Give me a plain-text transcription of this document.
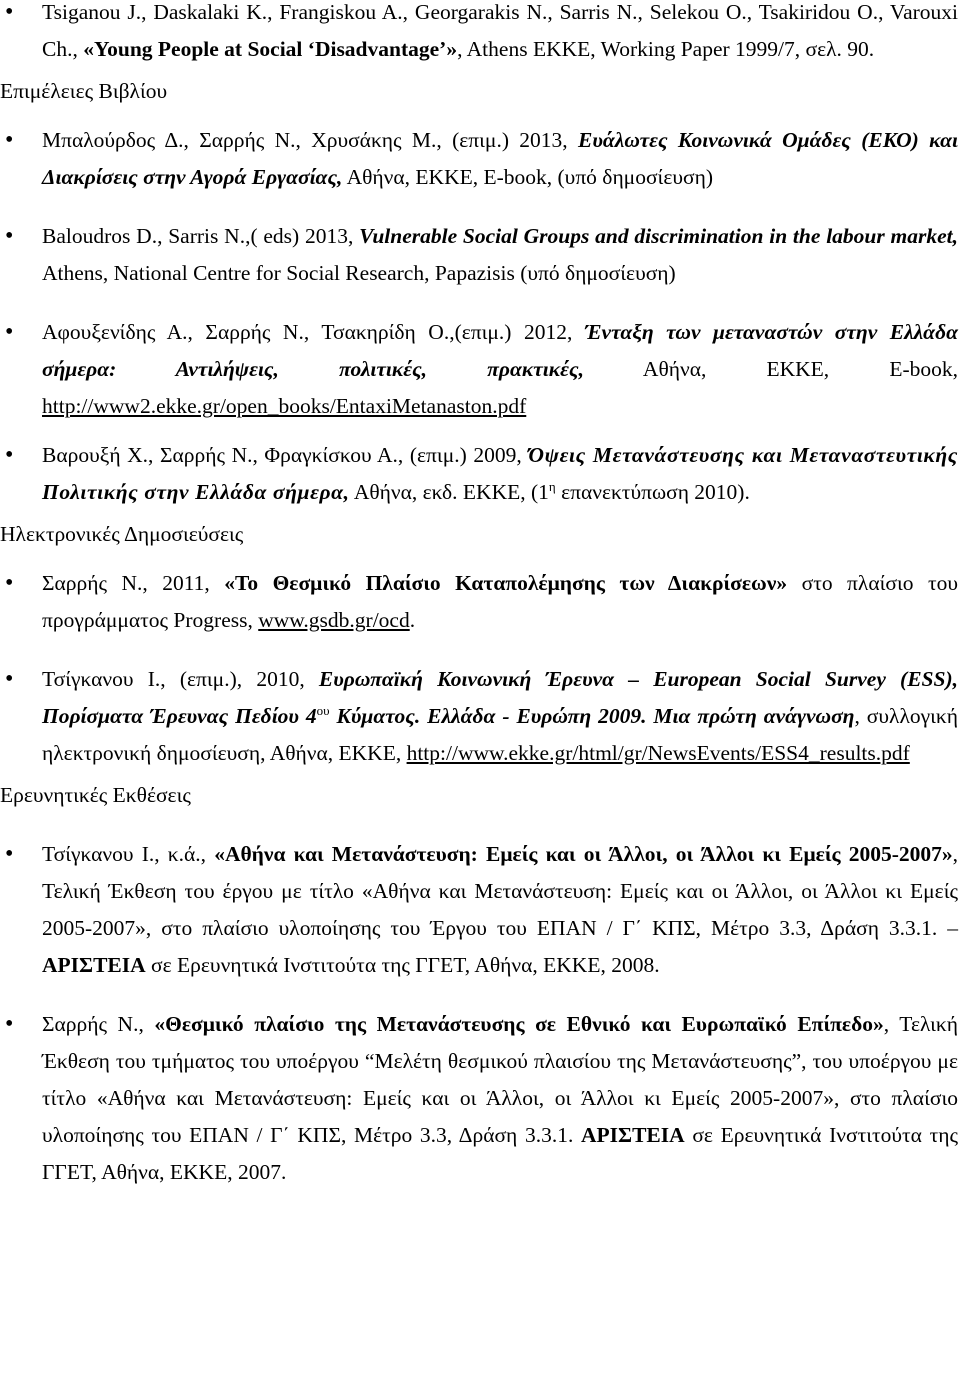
• Tsiganou J., Daskalaki K., Frangiskou A., Georgarakis N., Sarris N., Selekou O., Tsakiridou O., Varouxi Ch., «Young People at Social ‘Disadvantage’», Athens EKKE, Working Paper 1999/7, σελ. 90.

Επιμέλειες Βιβλίου

• Μπαλούρδος Δ., Σαρρής Ν., Χρυσάκης Μ., (επιμ.) 2013, Ευάλωτες Κοινωνικά Ομάδες (ΕΚΟ) και Διακρίσεις στην Αγορά Εργασίας, Αθήνα, ΕΚΚΕ, E-book, (υπό δημοσίευση)

• Baloudros D., Sarris N.,( eds) 2013, Vulnerable Social Groups and discrimination in the labour market, Athens, National Centre for Social Research, Papazisis (υπό δημοσίευση)

• Αφουξενίδης Α., Σαρρής Ν., Τσακηρίδη Ο.,(επιμ.) 2012, Ένταξη των μεταναστών στην Ελλάδα σήμερα: Αντιλήψεις, πολιτικές, πρακτικές, Αθήνα, ΕΚΚΕ, E-book, http://www2.ekke.gr/open_books/EntaxiMetanaston.pdf

• Βαρουξή Χ., Σαρρής Ν., Φραγκίσκου Α., (επιμ.) 2009, Όψεις Μετανάστευσης και Μεταναστευτικής Πολιτικής στην Ελλάδα σήμερα, Αθήνα, εκδ. ΕΚΚΕ, ($1^\eta$ επανεκτύπωση 2010).

Ηλεκτρονικές Δημοσιεύσεις

• Σαρρής Ν., 2011, «Το Θεσμικό Πλαίσιο Καταπολέμησης των Διακρίσεων» στο πλαίσιο του προγράμματος Progress, www.gsdb.gr/ocd.

• Τσίγκανου Ι., (επιμ.), 2010, Ευρωπαϊκή Κοινωνική Έρευνα – European Social Survey (ESS), Πορίσματα Έρευνας Πεδίου $4^{o\upsilon}$ Κύματος. Ελλάδα - Ευρώπη 2009. Μια πρώτη ανάγνωση, συλλογική ηλεκτρονική δημοσίευση, Αθήνα, ΕΚΚΕ, http://www.ekke.gr/html/gr/NewsEvents/ESS4_results.pdf

Ερευνητικές Εκθέσεις

• Τσίγκανου Ι., κ.ά., «Αθήνα και Μετανάστευση: Εμείς και οι Άλλοι, οι Άλλοι κι Εμείς 2005-2007», Τελική Έκθεση του έργου με τίτλο «Αθήνα και Μετανάστευση: Εμείς και οι Άλλοι, οι Άλλοι κι Εμείς 2005-2007», στο πλαίσιο υλοποίησης του Έργου του ΕΠΑΝ / Γ΄ ΚΠΣ, Μέτρο 3.3, Δράση 3.3.1. – ΑΡΙΣΤΕΙΑ σε Ερευνητικά Ινστιτούτα της ΓΓΕΤ, Αθήνα, ΕΚΚΕ, 2008.

• Σαρρής Ν., «Θεσμικό πλαίσιο της Μετανάστευσης σε Εθνικό και Ευρωπαϊκό Επίπεδο», Τελική Έκθεση του τμήματος του υποέργου “Μελέτη θεσμικού πλαισίου της Μετανάστευσης”, του υποέργου με τίτλο «Αθήνα και Μετανάστευση: Εμείς και οι Άλλοι, οι Άλλοι κι Εμείς 2005-2007», στο πλαίσιο υλοποίησης του ΕΠΑΝ / Γ΄ ΚΠΣ, Μέτρο 3.3, Δράση 3.3.1. ΑΡΙΣΤΕΙΑ σε Ερευνητικά Ινστιτούτα της ΓΓΕΤ, Αθήνα, ΕΚΚΕ, 2007.
